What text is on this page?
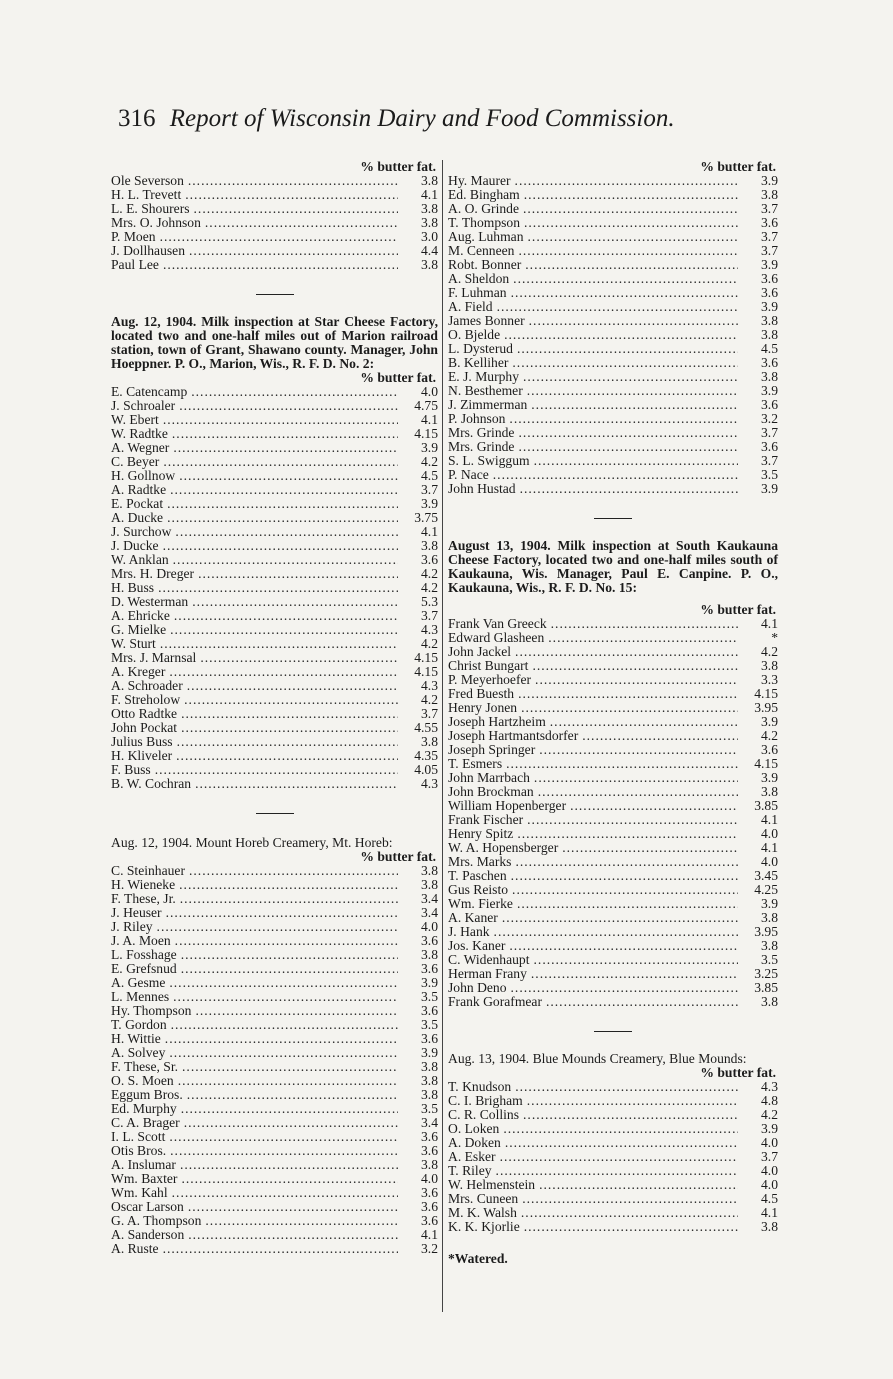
316 Report of Wisconsin Dairy and Food Commission.
% butter fat.
Ole Severson .....	3.8
H. L. Trevett .....	4.1
L. E. Shourers .....	3.8
Mrs. O. Johnson .....	3.8
P. Moen .....	3.0
J. Dollhausen .....	4.4
Paul Lee .....	3.8
Aug. 12, 1904. Milk inspection at Star Cheese Factory, located two and one-half miles out of Marion railroad station, town of Grant, Shawano county. Manager, John Hoeppner. P. O., Marion, Wis., R. F. D. No. 2:
% butter fat.
E. Catencamp .....	4.0
J. Schroaler .....	4.75
W. Ebert .....	4.1
W. Radtke .....	4.15
A. Wegner .....	3.9
C. Beyer .....	4.2
H. Gollnow .....	4.5
A. Radtke .....	3.7
E. Pockat .....	3.9
A. Ducke .....	3.75
J. Surchow .....	4.1
J. Ducke .....	3.8
W. Anklan .....	3.6
Mrs. H. Dreger .....	4.2
H. Buss .....	4.2
D. Westerman .....	5.3
A. Ehricke .....	3.7
G. Mielke .....	4.3
W. Sturt .....	4.2
Mrs. J. Marnsal .....	4.15
A. Kreger .....	4.15
A. Schroader .....	4.3
F. Streholow .....	4.2
Otto Radtke .....	3.7
John Pockat .....	4.55
Julius Buss .....	3.8
H. Kliveler .....	4.35
F. Buss .....	4.05
B. W. Cochran .....	4.3
Aug. 12, 1904. Mount Horeb Creamery, Mt. Horeb:
% butter fat.
C. Steinhauer .....	3.8
H. Wieneke .....	3.8
F. These, Jr. .....	3.4
J. Heuser .....	3.4
J. Riley .....	4.0
J. A. Moen .....	3.6
L. Fosshage .....	3.8
E. Grefsnud .....	3.6
A. Gesme .....	3.9
L. Mennes .....	3.5
Hy. Thompson .....	3.6
T. Gordon .....	3.5
H. Wittie .....	3.6
A. Solvey .....	3.9
F. These, Sr. .....	3.8
O. S. Moen .....	3.8
Eggum Bros. .....	3.8
Ed. Murphy .....	3.5
C. A. Brager .....	3.4
I. L. Scott .....	3.6
Otis Bros. .....	3.6
A. Inslumar .....	3.8
Wm. Baxter .....	4.0
Wm. Kahl .....	3.6
Oscar Larson .....	3.6
G. A. Thompson .....	3.6
A. Sanderson .....	4.1
A. Ruste .....	3.2
% butter fat.
Hy. Maurer .....	3.9
Ed. Bingham .....	3.8
A. O. Grinde .....	3.7
T. Thompson .....	3.6
Aug. Luhman .....	3.7
M. Cenneen .....	3.7
Robt. Bonner .....	3.9
A. Sheldon .....	3.6
F. Luhman .....	3.6
A. Field .....	3.9
James Bonner .....	3.8
O. Bjelde .....	3.8
L. Dysterud .....	4.5
B. Kelliher .....	3.6
E. J. Murphy .....	3.8
N. Besthemer .....	3.9
J. Zimmerman .....	3.6
P. Johnson .....	3.2
Mrs. Grinde .....	3.7
Mrs. Grinde .....	3.6
S. L. Swiggum .....	3.7
P. Nace .....	3.5
John Hustad .....	3.9
August 13, 1904. Milk inspection at South Kaukauna Cheese Factory, located two and one-half miles south of Kaukauna, Wis. Manager, Paul E. Canpine. P. O., Kaukauna, Wis., R. F. D. No. 15:
% butter fat.
Frank Van Greeck .....	4.1
Edward Glasheen .....	*
John Jackel .....	4.2
Christ Bungart .....	3.8
P. Meyerhoefer .....	3.3
Fred Buesth .....	4.15
Henry Jonen .....	3.95
Joseph Hartzheim .....	3.9
Joseph Hartmantsdorfer .....	4.2
Joseph Springer .....	3.6
T. Esmers .....	4.15
John Marrbach .....	3.9
John Brockman .....	3.8
William Hopenberger .....	3.85
Frank Fischer .....	4.1
Henry Spitz .....	4.0
W. A. Hopensberger .....	4.1
Mrs. Marks .....	4.0
T. Paschen .....	3.45
Gus Reisto .....	4.25
Wm. Fierke .....	3.9
A. Kaner .....	3.8
J. Hank .....	3.95
Jos. Kaner .....	3.8
C. Widenhaupt .....	3.5
Herman Frany .....	3.25
John Deno .....	3.85
Frank Gorafmear .....	3.8
Aug. 13, 1904. Blue Mounds Creamery, Blue Mounds:
% butter fat.
T. Knudson .....	4.3
C. I. Brigham .....	4.8
C. R. Collins .....	4.2
O. Loken .....	3.9
A. Doken .....	4.0
A. Esker .....	3.7
T. Riley .....	4.0
W. Helmenstein .....	4.0
Mrs. Cuneen .....	4.5
M. K. Walsh .....	4.1
K. K. Kjorlie .....	3.8
*Watered.
